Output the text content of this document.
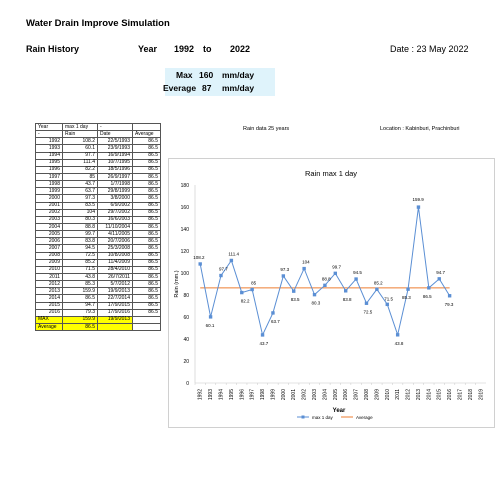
Water Drain Improve Simulation
Rain History	Year 1992 to 2022	Date : 23 May 2022
Max 160 mm/day
Everage 87 mm/day
Rain data 25 years	Location : Kabinburi, Prachinburi
Year	max 1 day	-	
-	Rain	Date	Average
1992	108.2	22/5/1993	86.5
1993	60.1	23/9/1993	86.5
1994	97.7	16/9/1994	86.5
1995	111.4	10/7/1995	86.5
1996	82.2	18/5/1996	86.5
1997	85	26/9/1997	86.5
1998	43.7	1/7/1998	86.5
1999	63.7	29/8/1999	86.5
2000	97.3	3/8/2000	86.5
2001	83.5	6/9/2002	86.5
2002	104	29/7/2002	86.5
2003	80.3	16/6/2003	86.5
2004	88.8	11/10/2004	86.5
2005	99.7	4/11/2005	86.5
2006	83.8	20/7/2006	86.5
2007	94.5	25/3/2008	86.5
2008	72.5	10/8/2008	86.5
2009	85.2	11/4/2009	86.5
2010	71.5	28/4/2010	86.5
2011	43.8	26/7/2011	86.5
2012	85.3	5/7/2012	86.5
2013	159.9	19/9/2013	86.5
2014	86.5	22/7/2014	86.5
2015	94.7	17/9/2015	86.5
2016	79.3	17/9/2016	86.5
MAX	159.9	19/9/2013	
Average	86.5		
Rain max 1 day
0
20
40
60
80
100
120
140
160
180
Rain (mm.)
1992 1993 1994 1995 1996 1997 1998 1999 2000 2001 2002 2003 2004 2005 2006 2007 2008 2009 2010 2011 2012 2013 2014 2015 2016 2017 2018 2019
Year
108.2
60.1
97.7
111.4
82.2
85
43.7
63.7
97.3
83.5
104
80.3
88.8
99.7
83.8
94.5
72.5
85.2
71.5
43.8
85.3
159.9
86.5
94.7
79.3
max 1 day	Average
